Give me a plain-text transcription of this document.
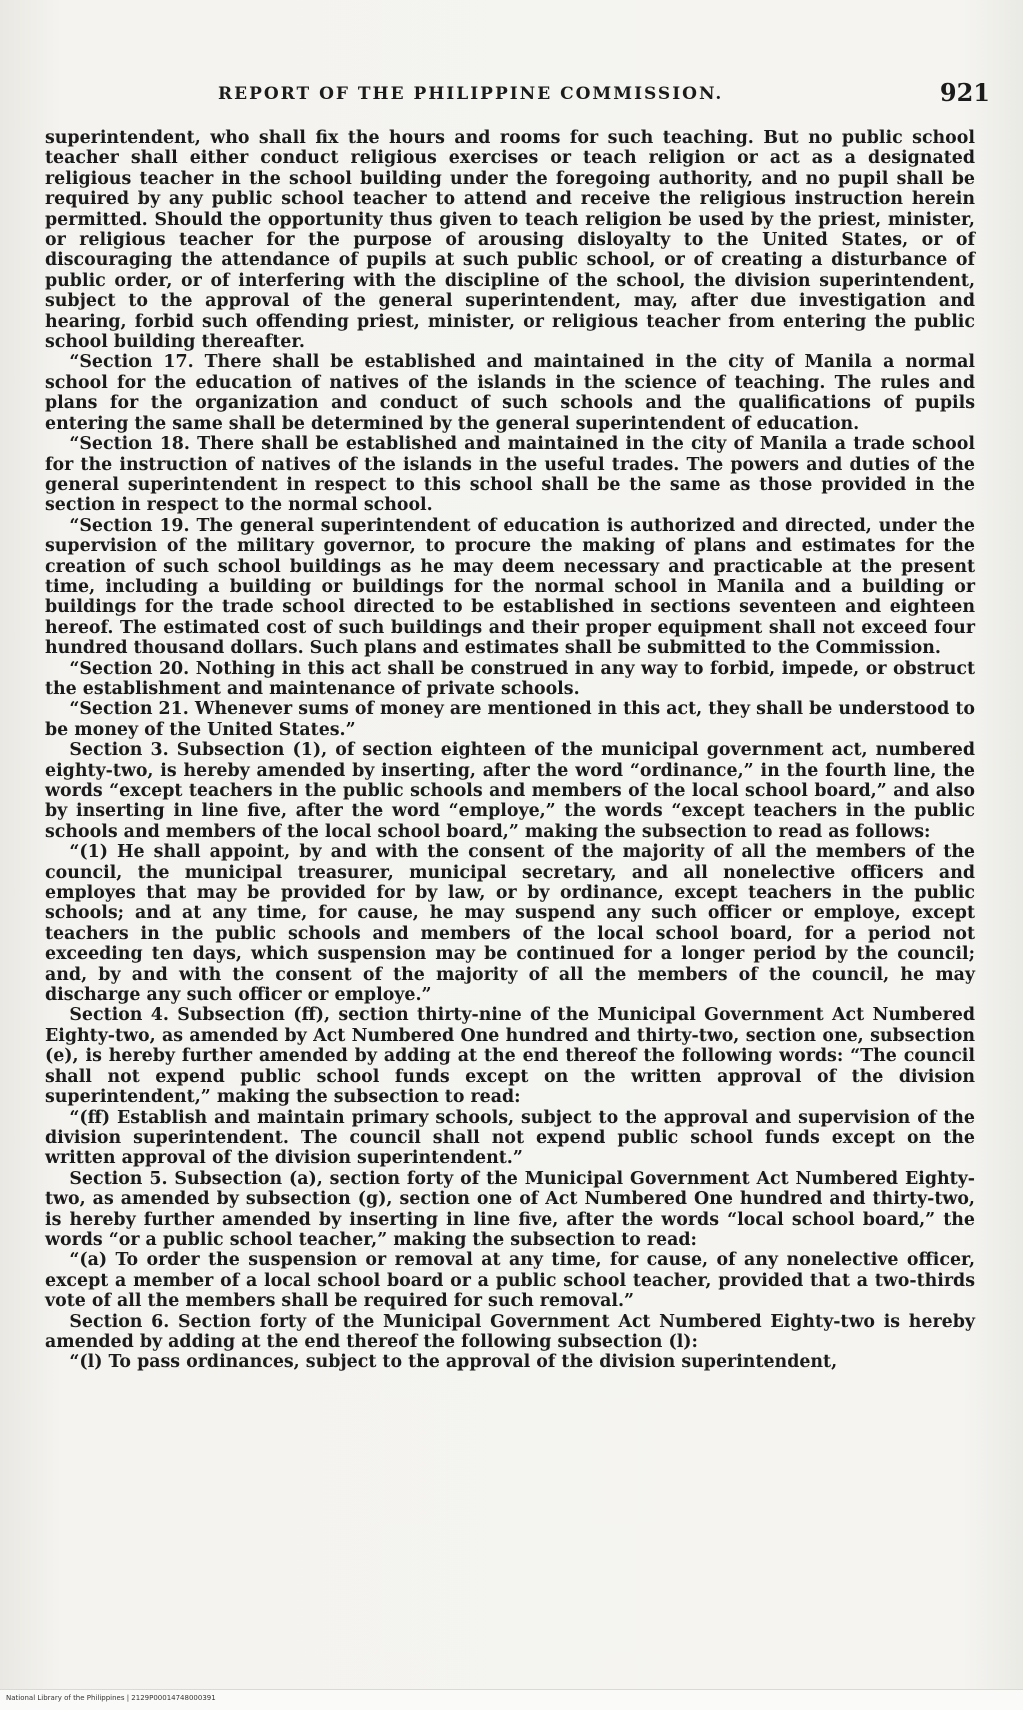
REPORT OF THE PHILIPPINE COMMISSION.	921

superintendent, who shall fix the hours and rooms for such teaching. But no public school teacher shall either conduct religious exercises or teach religion or act as a designated religious teacher in the school building under the foregoing authority, and no pupil shall be required by any public school teacher to attend and receive the religious instruction herein permitted. Should the opportunity thus given to teach religion be used by the priest, minister, or religious teacher for the purpose of arousing disloyalty to the United States, or of discouraging the attendance of pupils at such public school, or of creating a disturbance of public order, or of interfering with the discipline of the school, the division superintendent, subject to the approval of the general superintendent, may, after due investigation and hearing, forbid such offending priest, minister, or religious teacher from entering the public school building thereafter.

“Section 17. There shall be established and maintained in the city of Manila a normal school for the education of natives of the islands in the science of teaching. The rules and plans for the organization and conduct of such schools and the qualifications of pupils entering the same shall be determined by the general superintendent of education.

“Section 18. There shall be established and maintained in the city of Manila a trade school for the instruction of natives of the islands in the useful trades. The powers and duties of the general superintendent in respect to this school shall be the same as those provided in the section in respect to the normal school.

“Section 19. The general superintendent of education is authorized and directed, under the supervision of the military governor, to procure the making of plans and estimates for the creation of such school buildings as he may deem necessary and practicable at the present time, including a building or buildings for the normal school in Manila and a building or buildings for the trade school directed to be established in sections seventeen and eighteen hereof. The estimated cost of such buildings and their proper equipment shall not exceed four hundred thousand dollars. Such plans and estimates shall be submitted to the Commission.

“Section 20. Nothing in this act shall be construed in any way to forbid, impede, or obstruct the establishment and maintenance of private schools.

“Section 21. Whenever sums of money are mentioned in this act, they shall be understood to be money of the United States.”

Section 3. Subsection (1), of section eighteen of the municipal government act, numbered eighty-two, is hereby amended by inserting, after the word “ordinance,” in the fourth line, the words “except teachers in the public schools and members of the local school board,” and also by inserting in line five, after the word “employe,” the words “except teachers in the public schools and members of the local school board,” making the subsection to read as follows:

“(1) He shall appoint, by and with the consent of the majority of all the members of the council, the municipal treasurer, municipal secretary, and all nonelective officers and employes that may be provided for by law, or by ordinance, except teachers in the public schools; and at any time, for cause, he may suspend any such officer or employe, except teachers in the public schools and members of the local school board, for a period not exceeding ten days, which suspension may be continued for a longer period by the council; and, by and with the consent of the majority of all the members of the council, he may discharge any such officer or employe.”

Section 4. Subsection (ff), section thirty-nine of the Municipal Government Act Numbered Eighty-two, as amended by Act Numbered One hundred and thirty-two, section one, subsection (e), is hereby further amended by adding at the end thereof the following words: “The council shall not expend public school funds except on the written approval of the division superintendent,” making the subsection to read:

“(ff) Establish and maintain primary schools, subject to the approval and supervision of the division superintendent. The council shall not expend public school funds except on the written approval of the division superintendent.”

Section 5. Subsection (a), section forty of the Municipal Government Act Numbered Eighty-two, as amended by subsection (g), section one of Act Numbered One hundred and thirty-two, is hereby further amended by inserting in line five, after the words “local school board,” the words “or a public school teacher,” making the subsection to read:

“(a) To order the suspension or removal at any time, for cause, of any nonelective officer, except a member of a local school board or a public school teacher, provided that a two-thirds vote of all the members shall be required for such removal.”

Section 6. Section forty of the Municipal Government Act Numbered Eighty-two is hereby amended by adding at the end thereof the following subsection (l):

“(l) To pass ordinances, subject to the approval of the division superintendent,

National Library of the Philippines | 2129P00014748000391
